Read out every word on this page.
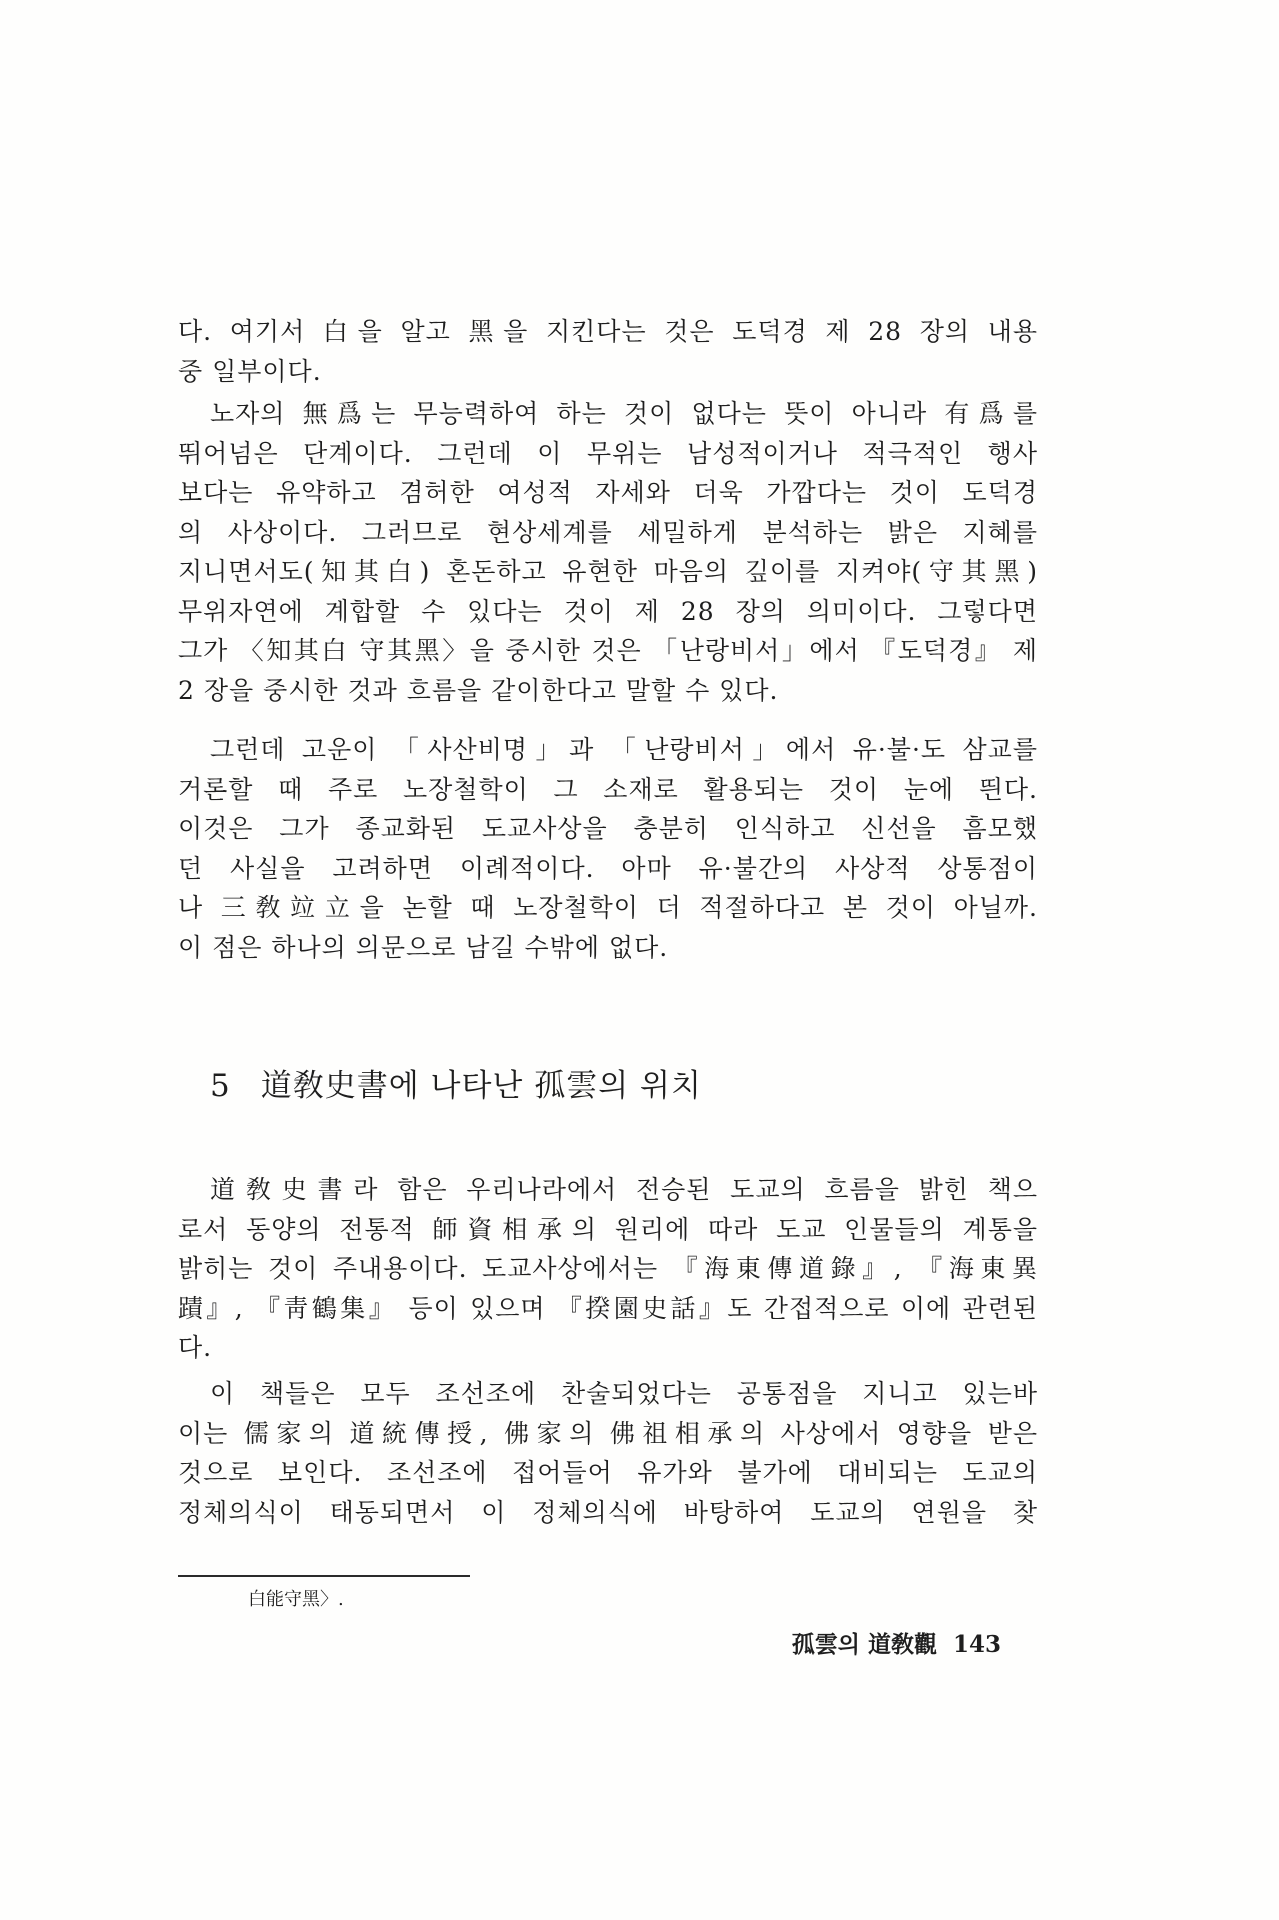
다. 여기서 白을 알고 黑을 지킨다는 것은 도덕경 제 28 장의 내용
중 일부이다.
노자의 無爲는 무능력하여 하는 것이 없다는 뜻이 아니라 有爲를
뛰어넘은 단계이다. 그런데 이 무위는 남성적이거나 적극적인 행사
보다는 유약하고 겸허한 여성적 자세와 더욱 가깝다는 것이 도덕경
의 사상이다. 그러므로 현상세계를 세밀하게 분석하는 밝은 지혜를
지니면서도(知其白) 혼돈하고 유현한 마음의 깊이를 지켜야(守其黑)
무위자연에 계합할 수 있다는 것이 제 28 장의 의미이다. 그렇다면
그가 〈知其白 守其黑〉을 중시한 것은 「난랑비서」에서 『도덕경』 제
2 장을 중시한 것과 흐름을 같이한다고 말할 수 있다.
그런데 고운이 「사산비명」과 「난랑비서」에서 유·불·도 삼교를
거론할 때 주로 노장철학이 그 소재로 활용되는 것이 눈에 띈다.
이것은 그가 종교화된 도교사상을 충분히 인식하고 신선을 흠모했
던 사실을 고려하면 이례적이다. 아마 유·불간의 사상적 상통점이
나 三敎竝立을 논할 때 노장철학이 더 적절하다고 본 것이 아닐까.
이 점은 하나의 의문으로 남길 수밖에 없다.
5 道敎史書에 나타난 孤雲의 위치
道敎史書라 함은 우리나라에서 전승된 도교의 흐름을 밝힌 책으
로서 동양의 전통적 師資相承의 원리에 따라 도교 인물들의 계통을
밝히는 것이 주내용이다. 도교사상에서는 『海東傳道錄』, 『海東異
蹟』, 『靑鶴集』 등이 있으며 『揆園史話』도 간접적으로 이에 관련된
다.
이 책들은 모두 조선조에 찬술되었다는 공통점을 지니고 있는바
이는 儒家의 道統傳授, 佛家의 佛祖相承의 사상에서 영향을 받은
것으로 보인다. 조선조에 접어들어 유가와 불가에 대비되는 도교의
정체의식이 태동되면서 이 정체의식에 바탕하여 도교의 연원을 찾
白能守黑〉.
孤雲의 道敎觀 143
